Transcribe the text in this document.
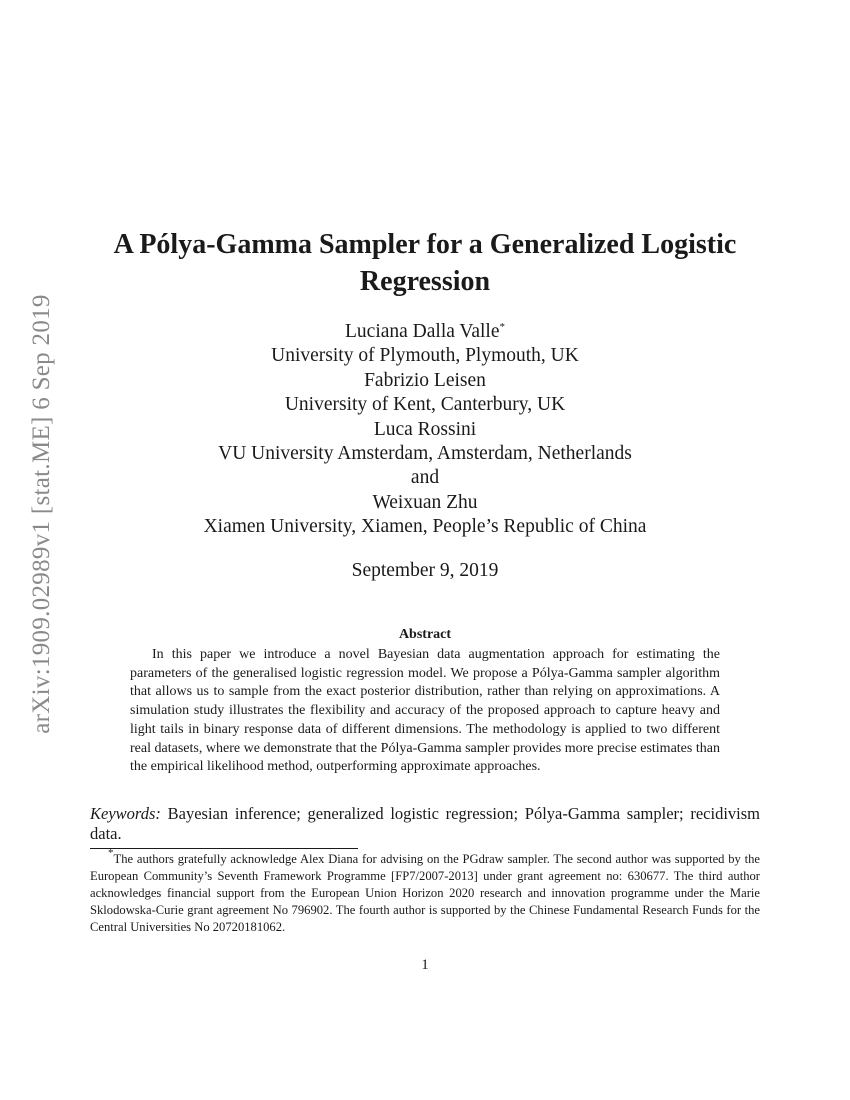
arXiv:1909.02989v1 [stat.ME] 6 Sep 2019
A Pólya-Gamma Sampler for a Generalized Logistic Regression
Luciana Dalla Valle*
University of Plymouth, Plymouth, UK
Fabrizio Leisen
University of Kent, Canterbury, UK
Luca Rossini
VU University Amsterdam, Amsterdam, Netherlands
and
Weixuan Zhu
Xiamen University, Xiamen, People’s Republic of China
September 9, 2019
Abstract

In this paper we introduce a novel Bayesian data augmentation approach for estimating the parameters of the generalised logistic regression model. We propose a Pólya-Gamma sampler algorithm that allows us to sample from the exact posterior distribution, rather than relying on approximations. A simulation study illustrates the flexibility and accuracy of the proposed approach to capture heavy and light tails in binary response data of different dimensions. The methodology is applied to two different real datasets, where we demonstrate that the Pólya-Gamma sampler provides more precise estimates than the empirical likelihood method, outperforming approximate approaches.

Keywords: Bayesian inference; generalized logistic regression; Pólya-Gamma sampler; recidivism data.

*The authors gratefully acknowledge Alex Diana for advising on the PGdraw sampler. The second author was supported by the European Community’s Seventh Framework Programme [FP7/2007-2013] under grant agreement no: 630677. The third author acknowledges financial support from the European Union Horizon 2020 research and innovation programme under the Marie Sklodowska-Curie grant agreement No 796902. The fourth author is supported by the Chinese Fundamental Research Funds for the Central Universities No 20720181062.

1
